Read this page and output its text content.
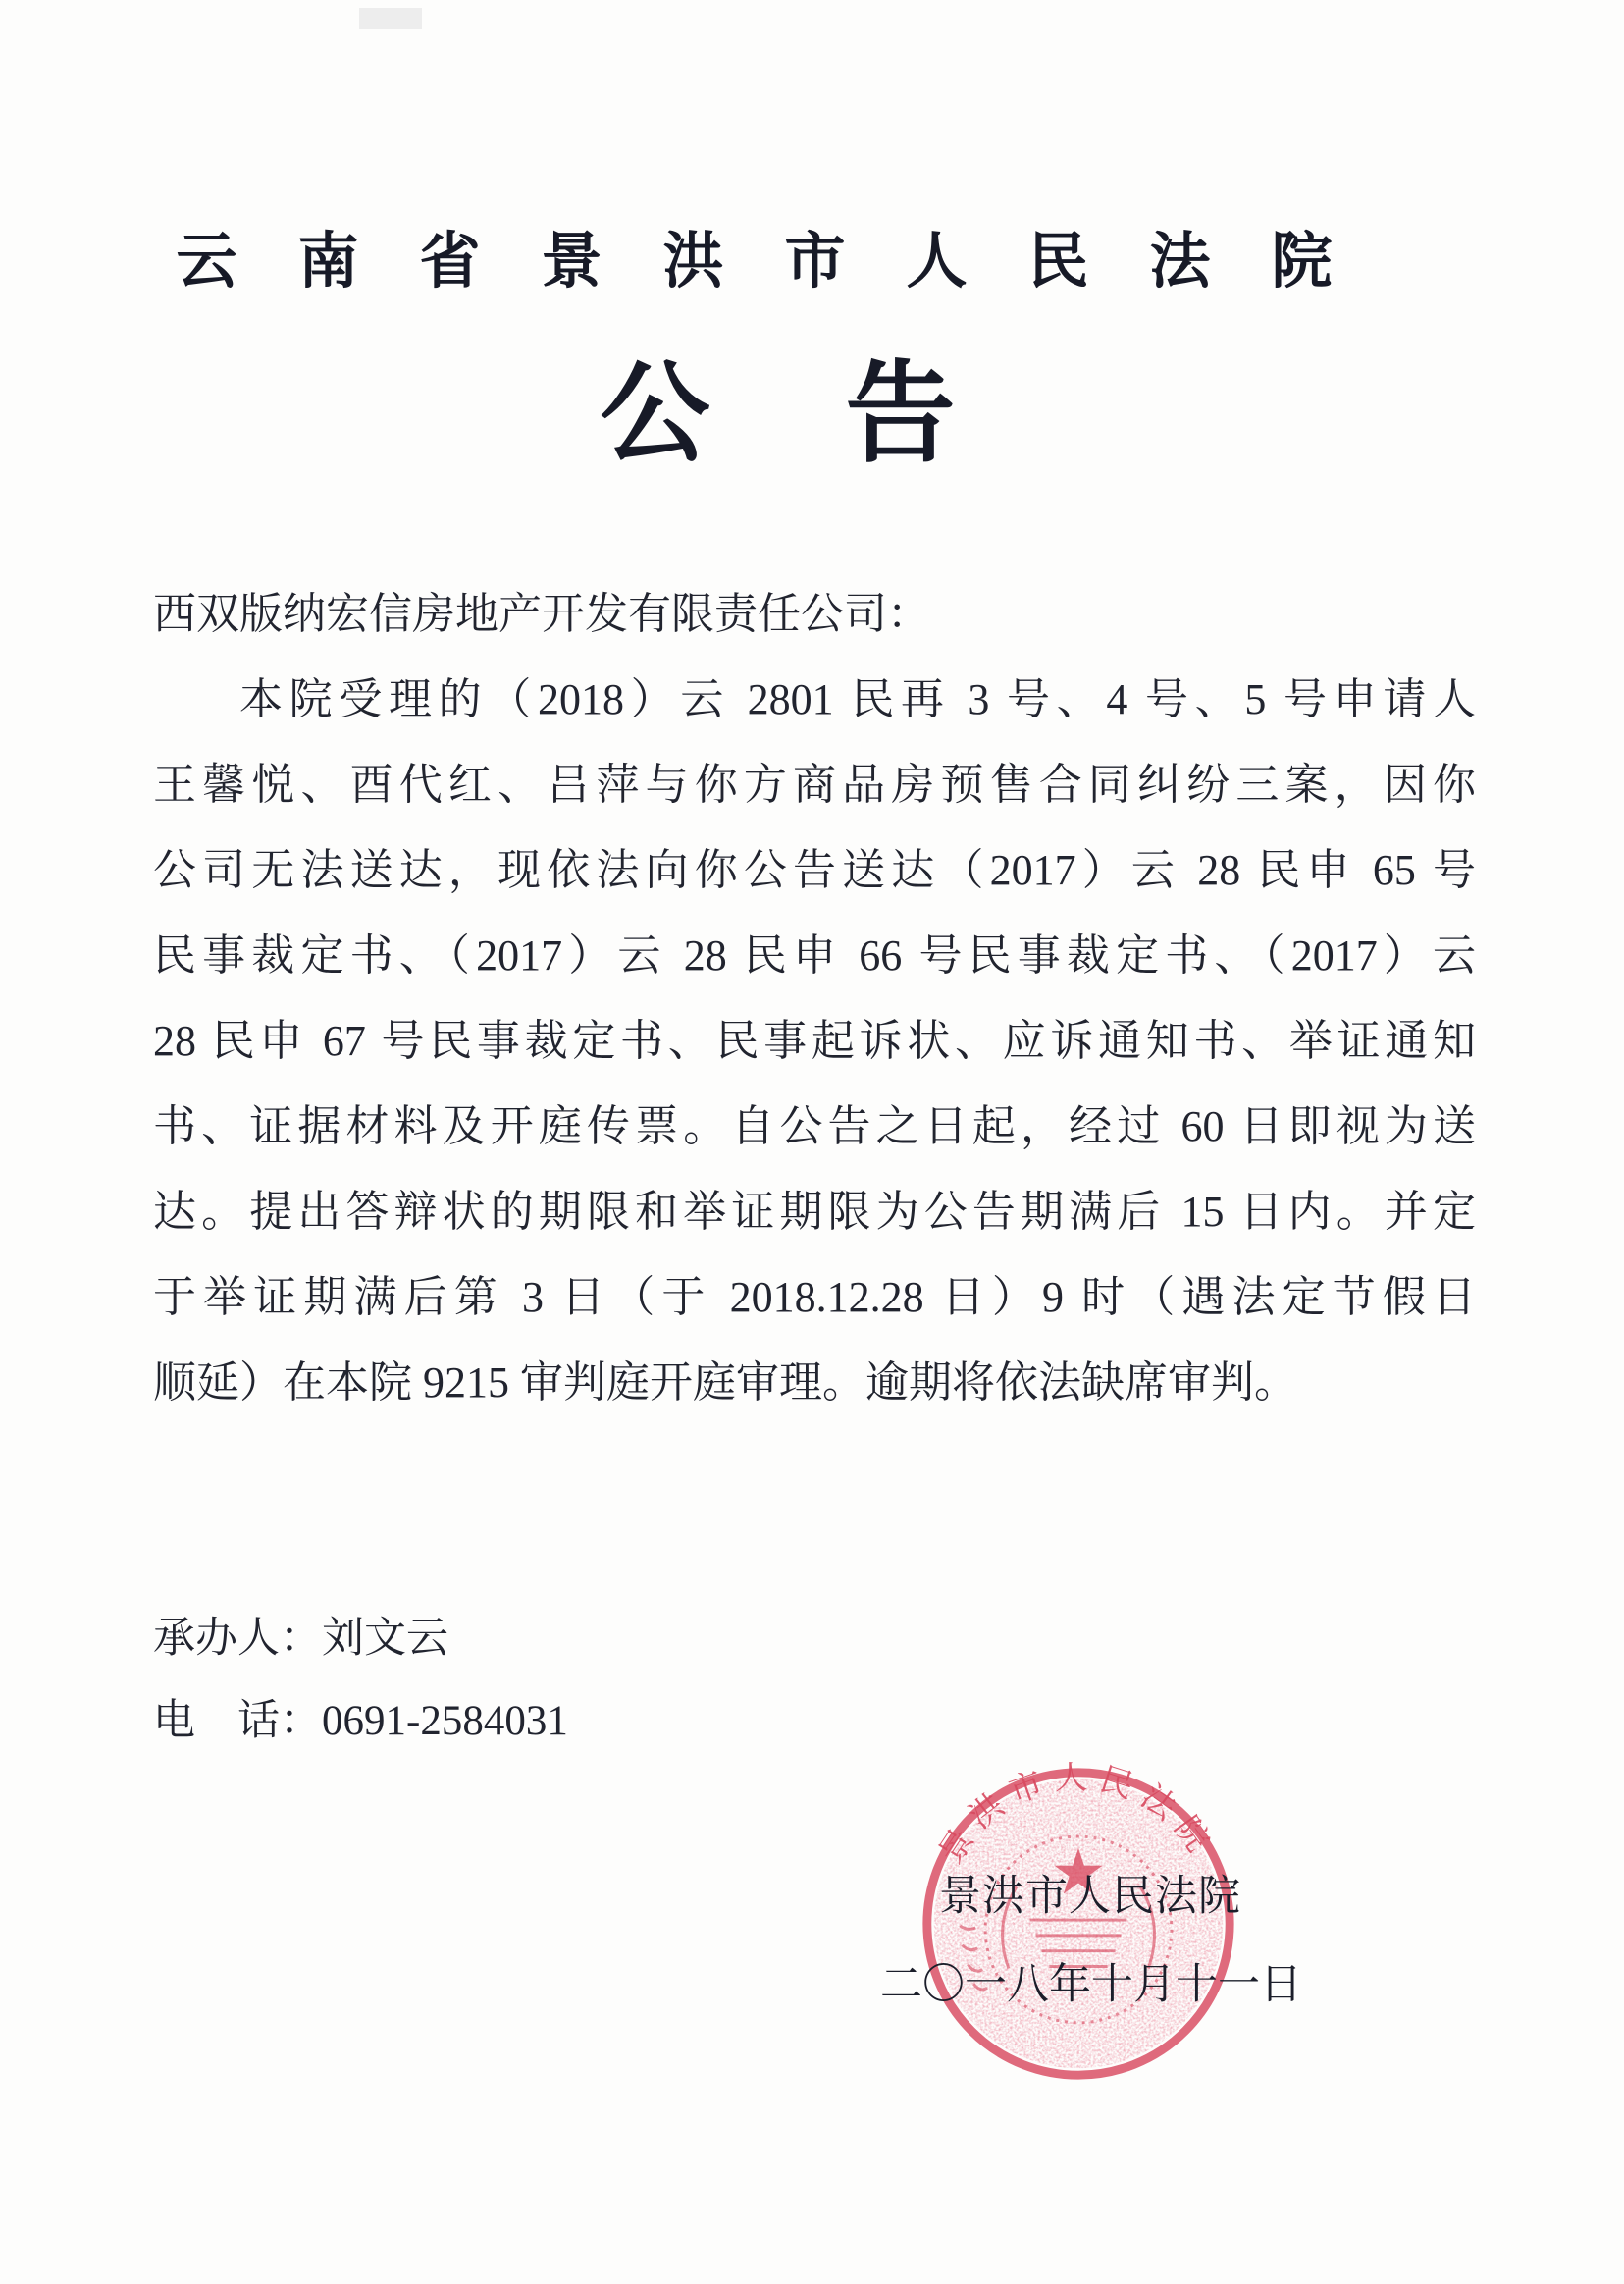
云南省景洪市人民法院
公告

西双版纳宏信房地产开发有限责任公司：

本院受理的（2018）云 2801 民再 3 号、4 号、5 号申请人

王馨悦、酉代红、吕萍与你方商品房预售合同纠纷三案，因你

公司无法送达，现依法向你公告送达（2017）云 28 民申 65 号

民事裁定书、（2017）云 28 民申 66 号民事裁定书、（2017）云

28 民申 67 号民事裁定书、民事起诉状、应诉通知书、举证通知

书、证据材料及开庭传票。自公告之日起，经过 60 日即视为送

达。提出答辩状的期限和举证期限为公告期满后 15 日内。并定

于举证期满后第 3 日（于 2018.12.28 日）9 时（遇法定节假日

顺延）在本院 9215 审判庭开庭审理。逾期将依法缺席审判。

承办人：刘文云

电　话：0691-2584031

景洪市人民法院

景洪市人民法院

二〇一八年十月十一日
